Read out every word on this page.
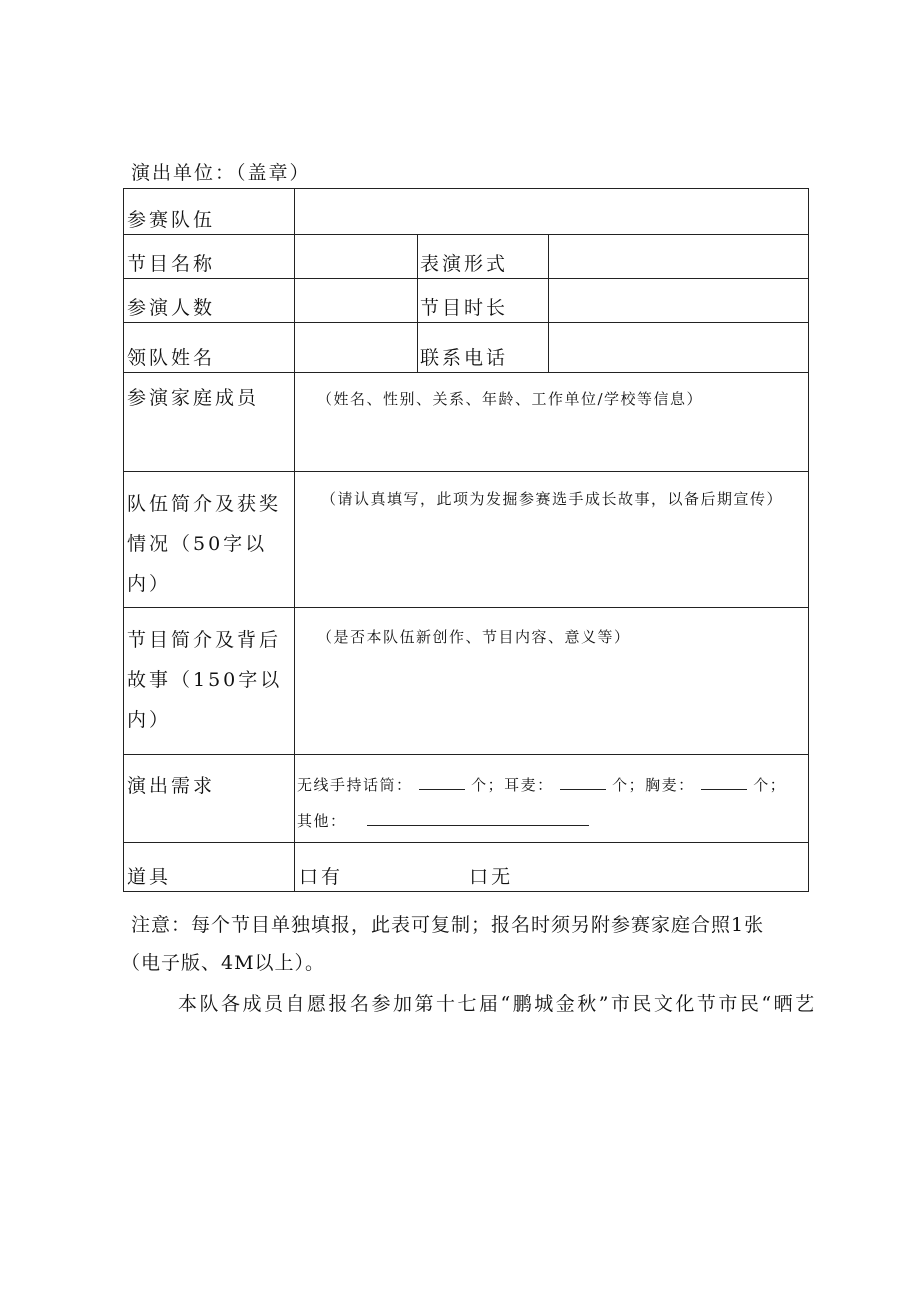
演出单位：（盖章）
参赛队伍			
节目名称		表演形式	
参演人数		节目时长	
领队姓名		联系电话	
参演家庭成员	（姓名、性别、关系、年龄、工作单位/学校等信息）		

队伍简介及获奖情况（50字以内）	（请认真填写，此项为发掘参赛选手成长故事，以备后期宣传）		

节目简介及背后故事（150字以内）	（是否本队伍新创作、节目内容、意义等）		

演出需求	无线手持话筒： 个；耳麦： 个；胸麦： 个；
其他：		

道具	口有 口无		
注意：每个节目单独填报，此表可复制；报名时须另附参赛家庭合照1张
（电子版、4M以上）。
本队各成员自愿报名参加第十七届“鹏城金秋”市民文化节市民“晒艺
